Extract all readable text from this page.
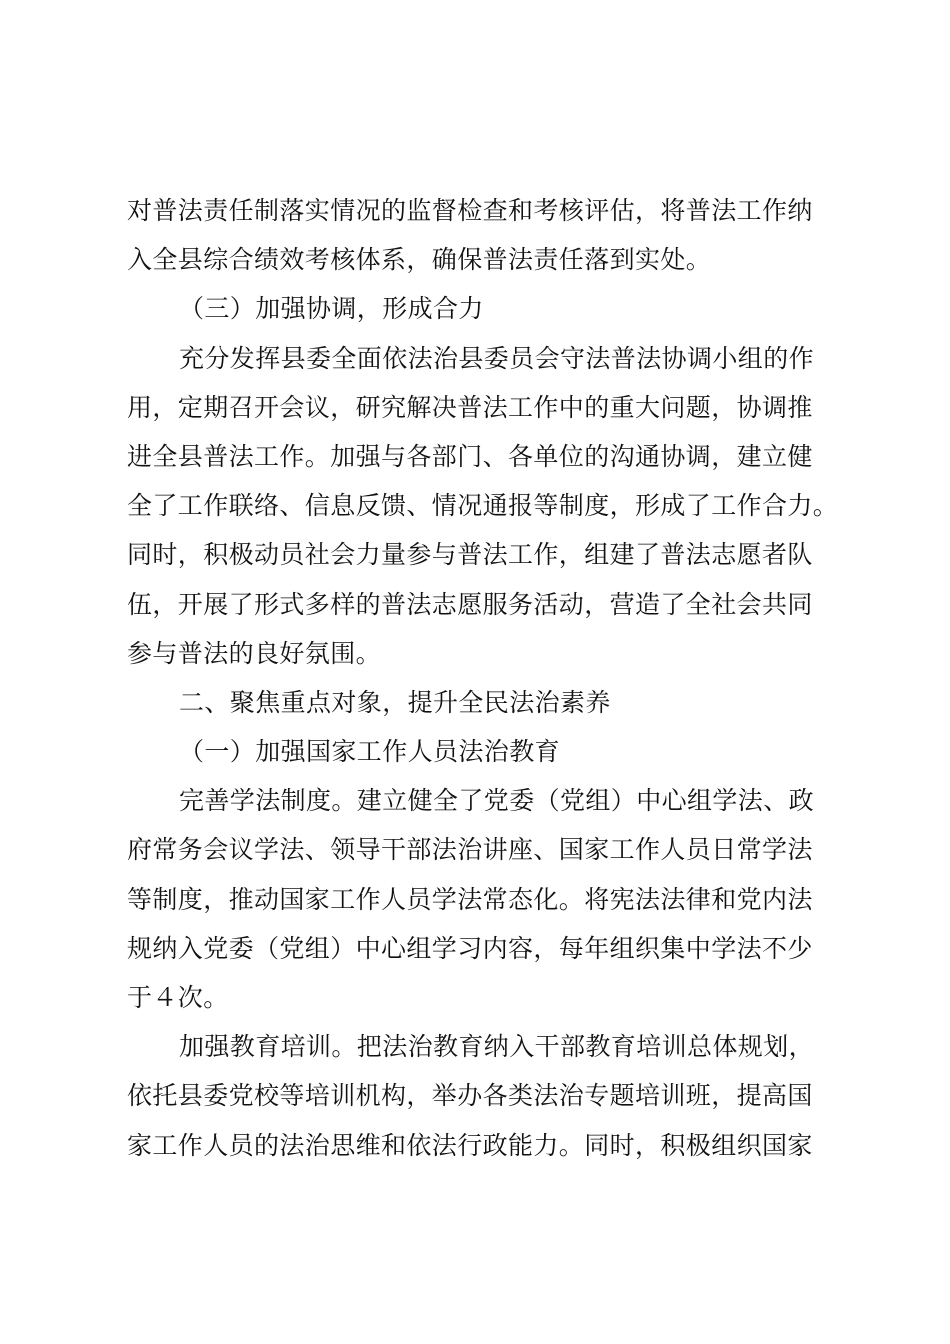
对普法责任制落实情况的监督检查和考核评估，将普法工作纳
入全县综合绩效考核体系，确保普法责任落到实处。
（三）加强协调，形成合力
充分发挥县委全面依法治县委员会守法普法协调小组的作
用，定期召开会议，研究解决普法工作中的重大问题，协调推
进全县普法工作。加强与各部门、各单位的沟通协调，建立健
全了工作联络、信息反馈、情况通报等制度，形成了工作合力。
同时，积极动员社会力量参与普法工作，组建了普法志愿者队
伍，开展了形式多样的普法志愿服务活动，营造了全社会共同
参与普法的良好氛围。
二、聚焦重点对象，提升全民法治素养
（一）加强国家工作人员法治教育
完善学法制度。建立健全了党委（党组）中心组学法、政
府常务会议学法、领导干部法治讲座、国家工作人员日常学法
等制度，推动国家工作人员学法常态化。将宪法法律和党内法
规纳入党委（党组）中心组学习内容，每年组织集中学法不少
于４次。
加强教育培训。把法治教育纳入干部教育培训总体规划，
依托县委党校等培训机构，举办各类法治专题培训班，提高国
家工作人员的法治思维和依法行政能力。同时，积极组织国家
